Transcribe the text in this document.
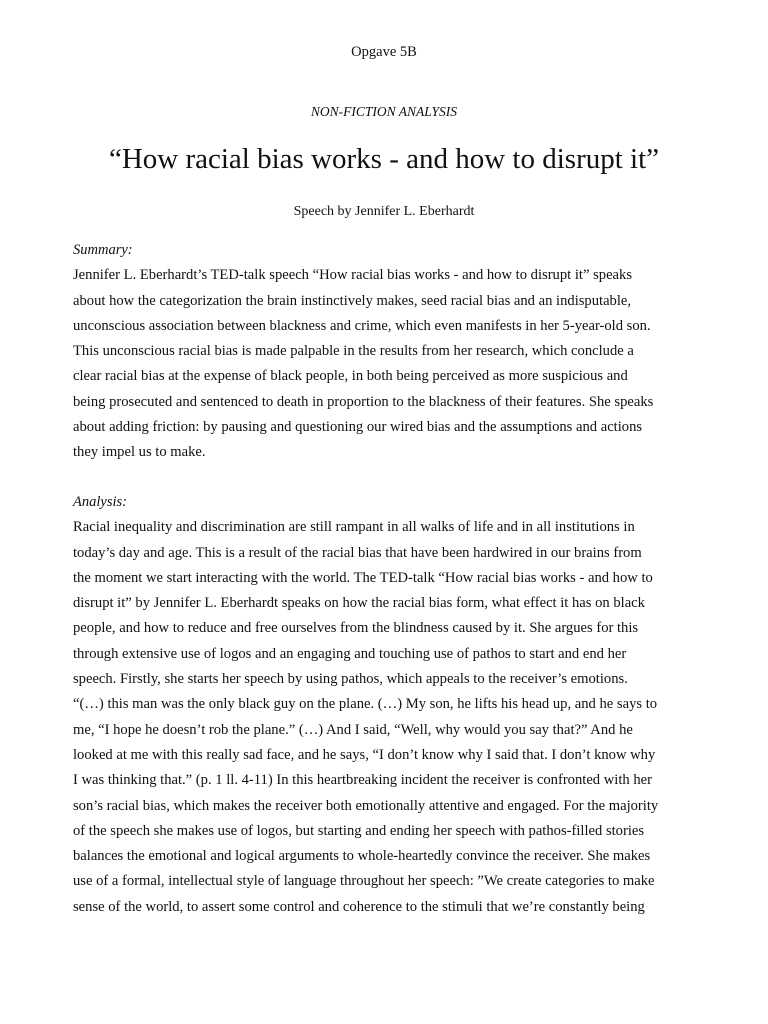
Opgave 5B
NON-FICTION ANALYSIS
“How racial bias works - and how to disrupt it”
Speech by Jennifer L. Eberhardt
Summary:
Jennifer L. Eberhardt’s TED-talk speech “How racial bias works - and how to disrupt it” speaks
about how the categorization the brain instinctively makes, seed racial bias and an indisputable,
unconscious association between blackness and crime, which even manifests in her 5-year-old son.
This unconscious racial bias is made palpable in the results from her research, which conclude a
clear racial bias at the expense of black people, in both being perceived as more suspicious and
being prosecuted and sentenced to death in proportion to the blackness of their features. She speaks
about adding friction: by pausing and questioning our wired bias and the assumptions and actions
they impel us to make.
Analysis:
Racial inequality and discrimination are still rampant in all walks of life and in all institutions in
today’s day and age. This is a result of the racial bias that have been hardwired in our brains from
the moment we start interacting with the world. The TED-talk “How racial bias works - and how to
disrupt it” by Jennifer L. Eberhardt speaks on how the racial bias form, what effect it has on black
people, and how to reduce and free ourselves from the blindness caused by it. She argues for this
through extensive use of logos and an engaging and touching use of pathos to start and end her
speech. Firstly, she starts her speech by using pathos, which appeals to the receiver’s emotions.
“(…) this man was the only black guy on the plane. (…) My son, he lifts his head up, and he says to
me, “I hope he doesn’t rob the plane.” (…) And I said, “Well, why would you say that?” And he
looked at me with this really sad face, and he says, “I don’t know why I said that. I don’t know why
I was thinking that.” (p. 1 ll. 4-11) In this heartbreaking incident the receiver is confronted with her
son’s racial bias, which makes the receiver both emotionally attentive and engaged. For the majority
of the speech she makes use of logos, but starting and ending her speech with pathos-filled stories
balances the emotional and logical arguments to whole-heartedly convince the receiver. She makes
use of a formal, intellectual style of language throughout her speech: ”We create categories to make
sense of the world, to assert some control and coherence to the stimuli that we’re constantly being
